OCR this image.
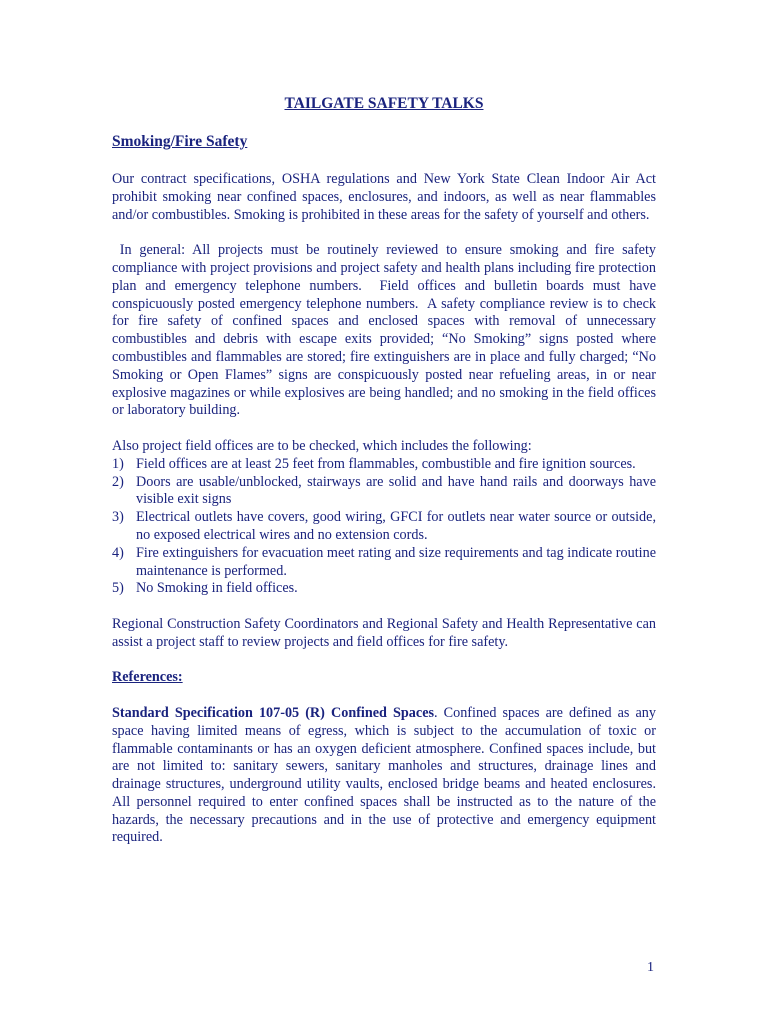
TAILGATE SAFETY TALKS
Smoking/Fire Safety

Our contract specifications, OSHA regulations and New York State Clean Indoor Air Act prohibit smoking near confined spaces, enclosures, and indoors, as well as near flammables and/or combustibles. Smoking is prohibited in these areas for the safety of yourself and others.

In general: All projects must be routinely reviewed to ensure smoking and fire safety compliance with project provisions and project safety and health plans including fire protection plan and emergency telephone numbers.  Field offices and bulletin boards must have conspicuously posted emergency telephone numbers.  A safety compliance review is to check for fire safety of confined spaces and enclosed spaces with removal of unnecessary combustibles and debris with escape exits provided; “No Smoking” signs posted where combustibles and flammables are stored; fire extinguishers are in place and fully charged; “No Smoking or Open Flames” signs are conspicuously posted near refueling areas, in or near explosive magazines or while explosives are being handled; and no smoking in the field offices or laboratory building.

Also project field offices are to be checked, which includes the following:

1) Field offices are at least 25 feet from flammables, combustible and fire ignition sources.
2) Doors are usable/unblocked, stairways are solid and have hand rails and doorways have visible exit signs
3) Electrical outlets have covers, good wiring, GFCI for outlets near water source or outside, no exposed electrical wires and no extension cords.
4) Fire extinguishers for evacuation meet rating and size requirements and tag indicate routine maintenance is performed.
5) No Smoking in field offices.

Regional Construction Safety Coordinators and Regional Safety and Health Representative can assist a project staff to review projects and field offices for fire safety.

References:

Standard Specification 107-05 (R) Confined Spaces. Confined spaces are defined as any space having limited means of egress, which is subject to the accumulation of toxic or flammable contaminants or has an oxygen deficient atmosphere. Confined spaces include, but are not limited to: sanitary sewers, sanitary manholes and structures, drainage lines and drainage structures, underground utility vaults, enclosed bridge beams and heated enclosures. All personnel required to enter confined spaces shall be instructed as to the nature of the hazards, the necessary precautions and in the use of protective and emergency equipment required.

1
